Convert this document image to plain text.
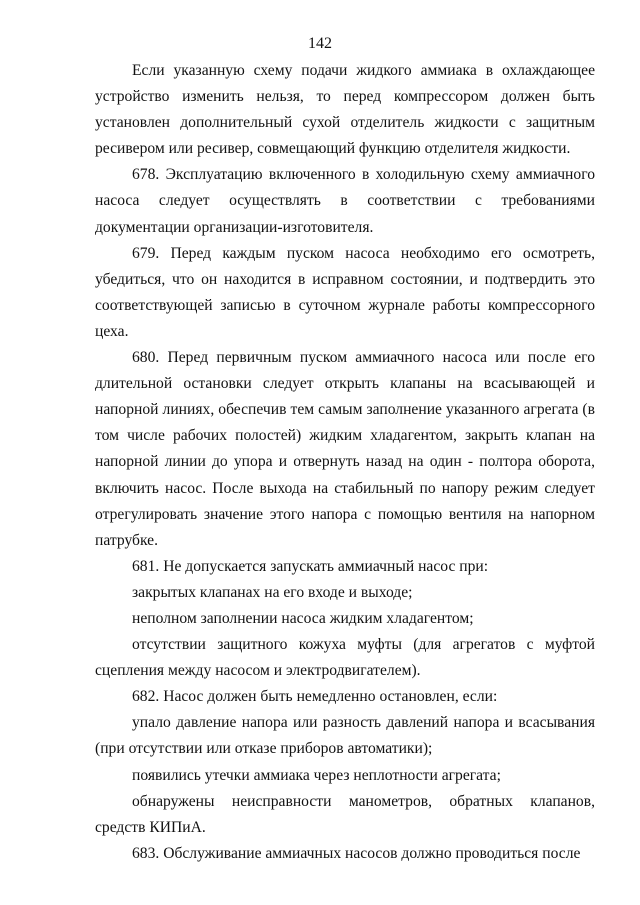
142

Если указанную схему подачи жидкого аммиака в охлаждающее устройство изменить нельзя, то перед компрессором должен быть установлен дополнительный сухой отделитель жидкости с защитным ресивером или ресивер, совмещающий функцию отделителя жидкости.

678. Эксплуатацию включенного в холодильную схему аммиачного насоса следует осуществлять в соответствии с требованиями документации организации-изготовителя.

679. Перед каждым пуском насоса необходимо его осмотреть, убедиться, что он находится в исправном состоянии, и подтвердить это соответствующей записью в суточном журнале работы компрессорного цеха.

680. Перед первичным пуском аммиачного насоса или после его длительной остановки следует открыть клапаны на всасывающей и напорной линиях, обеспечив тем самым заполнение указанного агрегата (в том числе рабочих полостей) жидким хладагентом, закрыть клапан на напорной линии до упора и отвернуть назад на один - полтора оборота, включить насос. После выхода на стабильный по напору режим следует отрегулировать значение этого напора с помощью вентиля на напорном патрубке.

681. Не допускается запускать аммиачный насос при:

закрытых клапанах на его входе и выходе;

неполном заполнении насоса жидким хладагентом;

отсутствии защитного кожуха муфты (для агрегатов с муфтой сцепления между насосом и электродвигателем).

682. Насос должен быть немедленно остановлен, если:

упало давление напора или разность давлений напора и всасывания (при отсутствии или отказе приборов автоматики);

появились утечки аммиака через неплотности агрегата;

обнаружены неисправности манометров, обратных клапанов, средств КИПиА.

683. Обслуживание аммиачных насосов должно проводиться после
